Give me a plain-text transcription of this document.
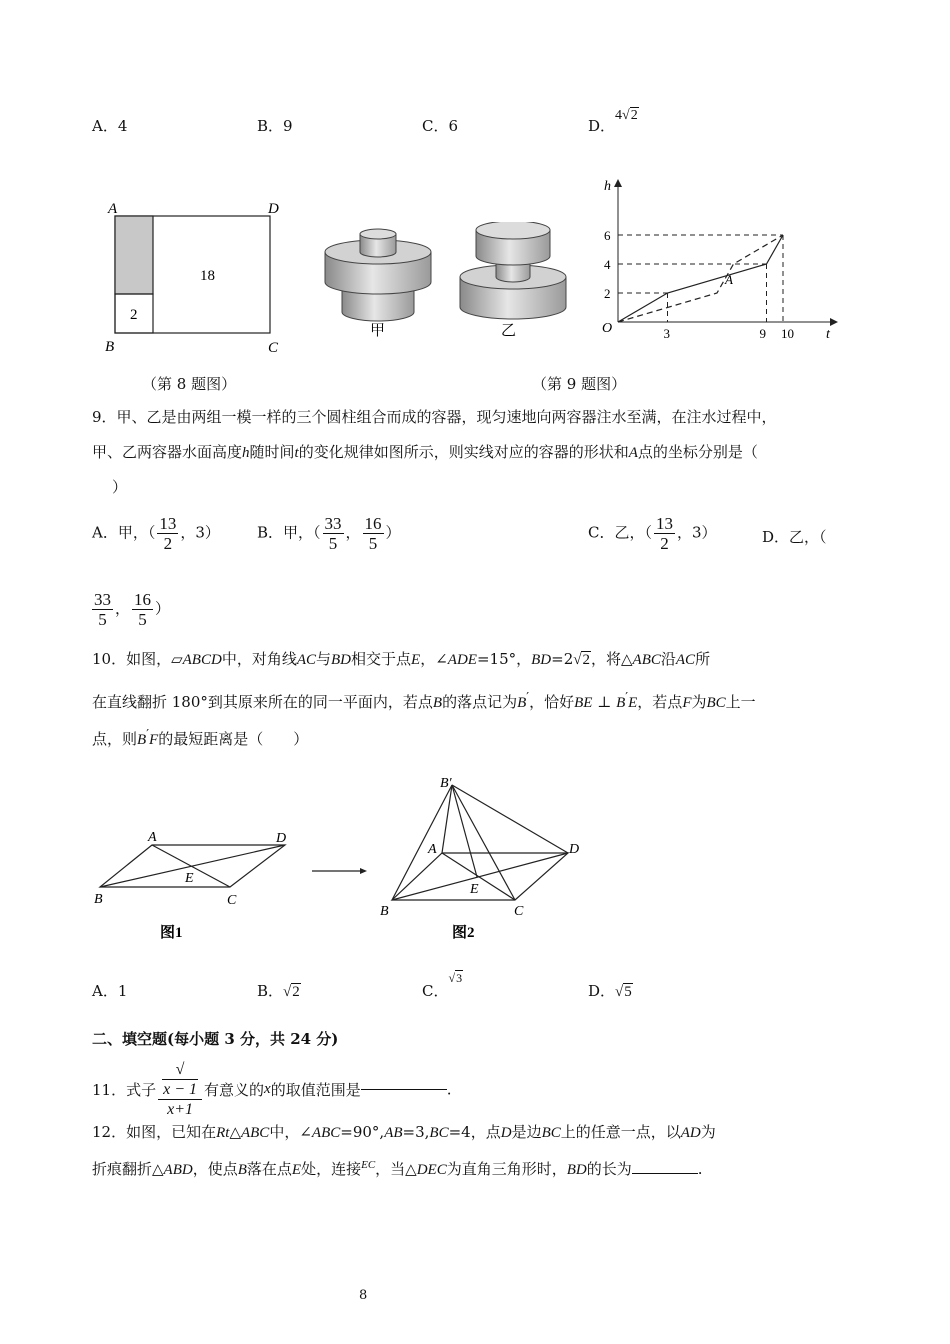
A．4	B．9	C．6	D．4√2
A	D
B	C
2
18
（第 8 题图）
甲	乙
h
t
O
2
4
6
3	9 10
A
（第 9 题图）
9．甲、乙是由两组一模一样的三个圆柱组合而成的容器，现匀速地向两容器注水至满，在注水过程中，
甲、乙两容器水面高度h随时间t的变化规律如图所示，则实线对应的容器的形状和A点的坐标分别是（
）
A．甲，（ $\frac{13}{2}$ ，3） B．甲，（ $\frac{33}{5}$ ， $\frac{16}{5}$ ）	C．乙，（ $\frac{13}{2}$ ，3）	D．乙，（
$\frac{33}{5}$ ， $\frac{16}{5}$ ）
10．如图，▱ABCD中，对角线AC与BD相交于点E，∠ADE=15°，BD=2√2，将△ABC沿AC所
在直线翻折 180°到其原来所在的同一平面内，若点B的落点记为B′，恰好BE ⊥ B′E，若点F为BC上一
点，则B′F的最短距离是（　　）
A	D
B	C
E
图1
B′
A	D
B	C
E
图2
A．1	B．√2	C．$^{√3}$
D．√5
二、填空题(每小题 3 分，共 24 分)
11．式子 √
x − 1
x+1 有意义的x的取值范围是	.
12．如图，已知在Rt△ABC中，∠ABC=90°,AB=3,BC=4，点D是边BC上的任意一点，以AD为
折痕翻折△ABD，使点B落在点E处，连接$^{EC}$，当△DEC为直角三角形时，BD的长为	.
8
